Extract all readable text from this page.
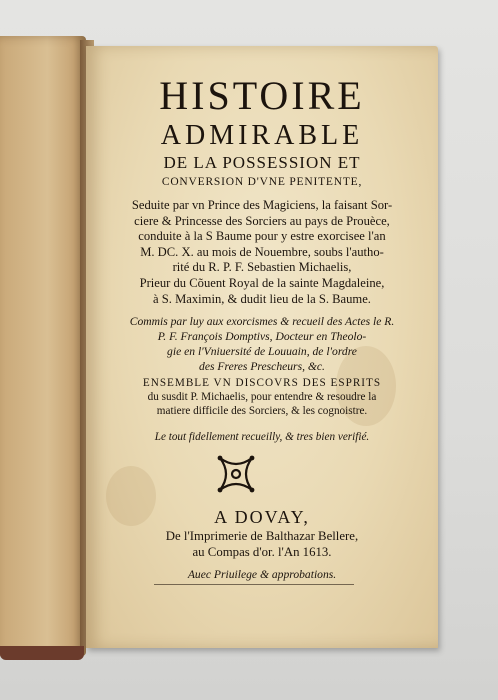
HISTOIRE
ADMIRABLE
DE LA POSSESSION ET
CONVERSION D'VNE PENITENTE,
Seduite par vn Prince des Magiciens, la faisant Sor-
ciere & Princesse des Sorciers au pays de Prouèce,
conduite à la S Baume pour y estre exorcisee l'an
M. DC. X. au mois de Nouembre, soubs l'autho-
rité du R. P. F. Sebastien Michaelis,
Prieur du Cõuent Royal de la sainte Magdaleine,
à S. Maximin, & dudit lieu de la S. Baume.
Commis par luy aux exorcismes & recueil des Actes le R.
P. F. François Domptivs, Docteur en Theolo-
gie en l'Vniuersité de Louuain, de l'ordre
des Freres Prescheurs, &c.
ENSEMBLE VN DISCOVRS DES ESPRITS
du susdit P. Michaelis, pour entendre & resoudre la
matiere difficile des Sorciers, & les cognoistre.
Le tout fidellement recueilly, & tres bien verifié.
A DOVAY,
De l'Imprimerie de Balthazar Bellere,
au Compas d'or. l'An 1613.
Auec Priuilege & approbations.
